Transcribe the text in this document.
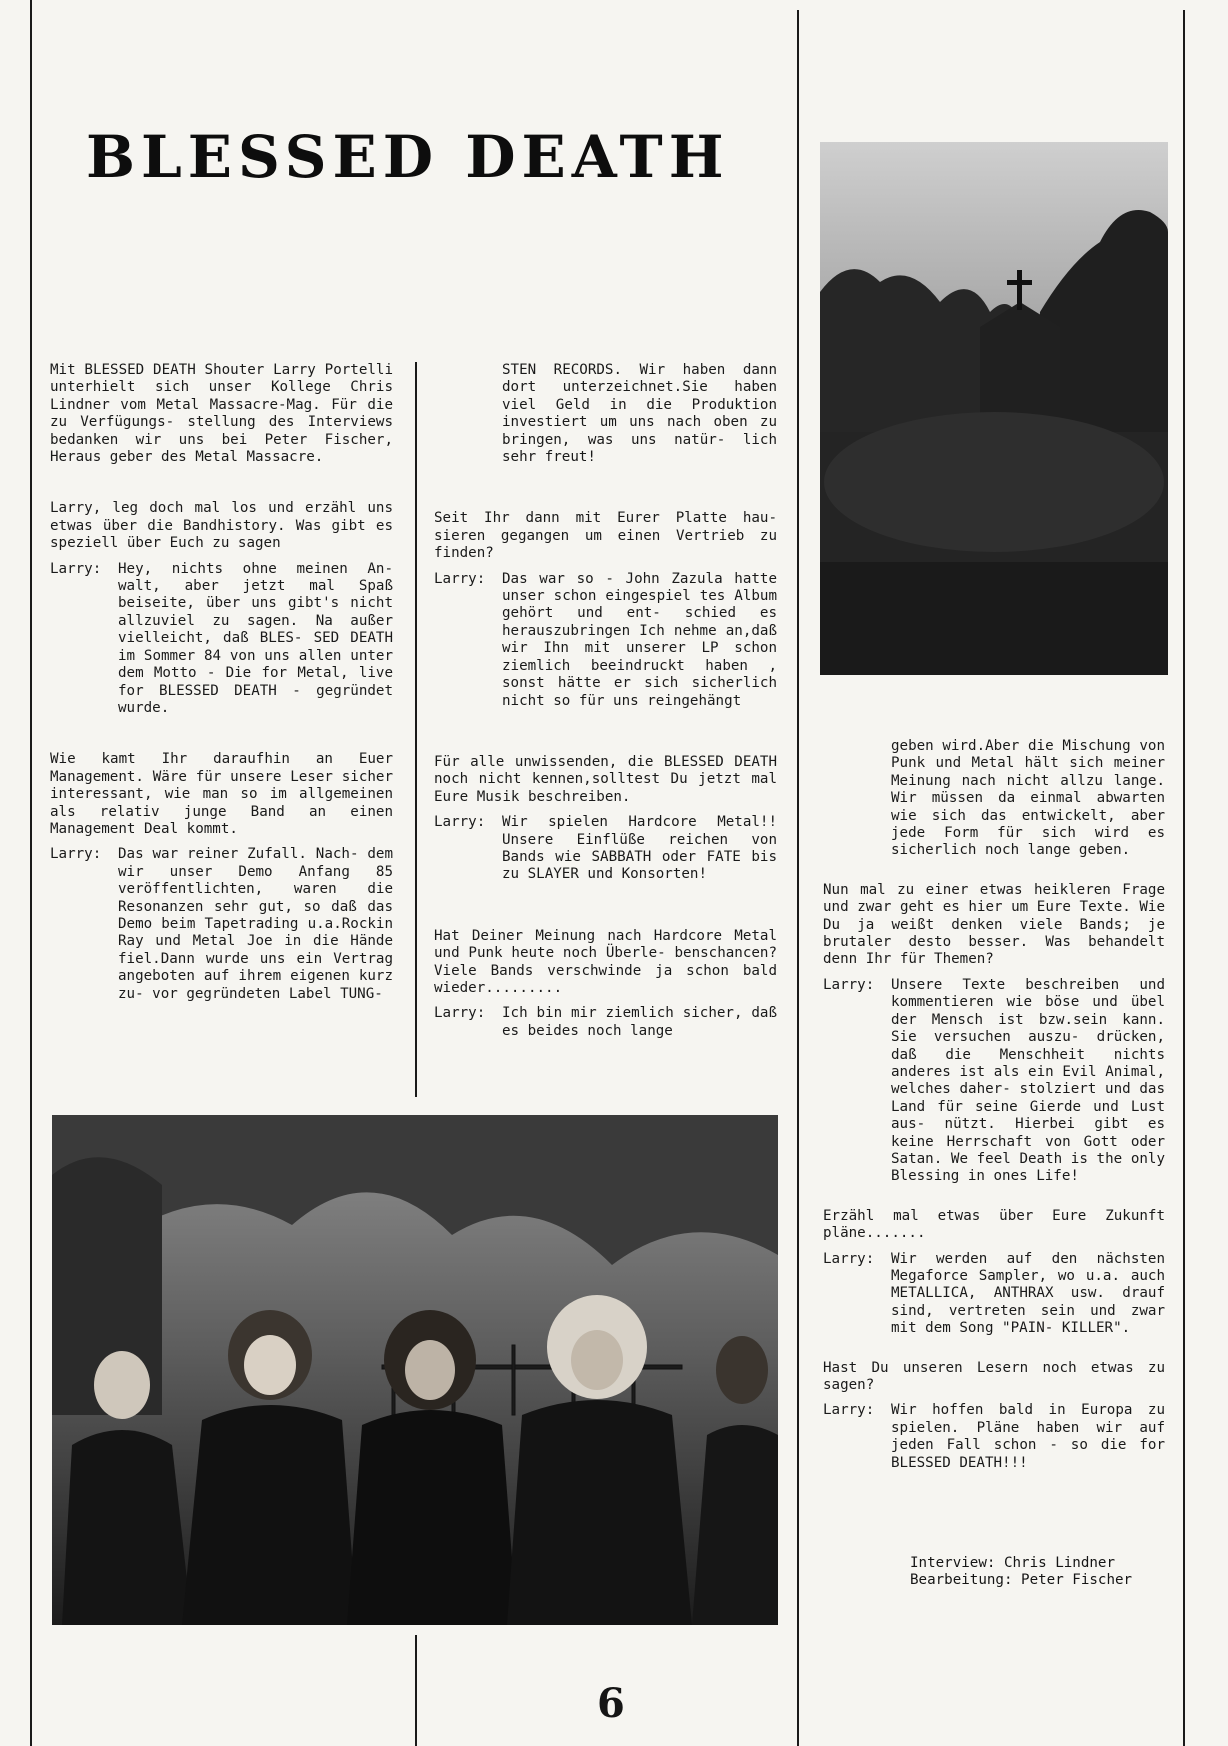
BLESSED DEATH

Mit BLESSED DEATH Shouter Larry Portelli unterhielt sich unser Kollege Chris Lindner vom Metal Massacre-Mag. Für die zu Verfügungs- stellung des Interviews bedanken wir uns bei Peter Fischer, Heraus geber des Metal Massacre.

Larry, leg doch mal los und erzähl uns etwas über die Bandhistory. Was gibt es speziell über Euch zu sagen

Larry:	Hey, nichts ohne meinen An- walt, aber jetzt mal Spaß beiseite, über uns gibt's nicht allzuviel zu sagen. Na außer vielleicht, daß BLES- SED DEATH im Sommer 84 von uns allen unter dem Motto - Die for Metal, live for BLESSED DEATH - gegründet wurde.

Wie kamt Ihr daraufhin an Euer Management. Wäre für unsere Leser sicher interessant, wie man so im allgemeinen als relativ junge Band an einen Management Deal kommt.

Larry:	Das war reiner Zufall. Nach- dem wir unser Demo Anfang 85 veröffentlichten, waren die Resonanzen sehr gut, so daß das Demo beim Tapetrading u.a.Rockin Ray und Metal Joe in die Hände fiel.Dann wurde uns ein Vertrag angeboten auf ihrem eigenen kurz zu- vor gegründeten Label TUNG-

STEN RECORDS. Wir haben dann dort unterzeichnet.Sie haben viel Geld in die Produktion investiert um uns nach oben zu bringen, was uns natür- lich sehr freut!

Seit Ihr dann mit Eurer Platte hau- sieren gegangen um einen Vertrieb zu finden?

Larry:	Das war so - John Zazula hatte unser schon eingespiel tes Album gehört und ent- schied es herauszubringen Ich nehme an,daß wir Ihn mit unserer LP schon ziemlich beeindruckt haben , sonst hätte er sich sicherlich nicht so für uns reingehängt

Für alle unwissenden, die BLESSED DEATH noch nicht kennen,solltest Du jetzt mal Eure Musik beschreiben.

Larry:	Wir spielen Hardcore Metal!! Unsere Einflüße reichen von Bands wie SABBATH oder FATE bis zu SLAYER und Konsorten!

Hat Deiner Meinung nach Hardcore Metal und Punk heute noch Überle- benschancen?Viele Bands verschwinde ja schon bald wieder.........

Larry:	Ich bin mir ziemlich sicher, daß es beides noch lange

geben wird.Aber die Mischung von Punk und Metal hält sich meiner Meinung nach nicht allzu lange. Wir müssen da einmal abwarten wie sich das entwickelt, aber jede Form für sich wird es sicherlich noch lange geben.

Nun mal zu einer etwas heikleren Frage und zwar geht es hier um Eure Texte. Wie Du ja weißt denken viele Bands; je brutaler desto besser. Was behandelt denn Ihr für Themen?

Larry:	Unsere Texte beschreiben und kommentieren wie böse und übel der Mensch ist bzw.sein kann. Sie versuchen auszu- drücken, daß die Menschheit nichts anderes ist als ein Evil Animal, welches daher- stolziert und das Land für seine Gierde und Lust aus- nützt. Hierbei gibt es keine Herrschaft von Gott oder Satan. We feel Death is the only Blessing in ones Life!

Erzähl mal etwas über Eure Zukunft pläne.......

Larry:	Wir werden auf den nächsten Megaforce Sampler, wo u.a. auch METALLICA, ANTHRAX usw. drauf sind, vertreten sein und zwar mit dem Song "PAIN- KILLER".

Hast Du unseren Lesern noch etwas zu sagen?

Larry:	Wir hoffen bald in Europa zu spielen. Pläne haben wir auf jeden Fall schon - so die for BLESSED DEATH!!!
Interview: Chris Lindner
Bearbeitung: Peter Fischer
6
